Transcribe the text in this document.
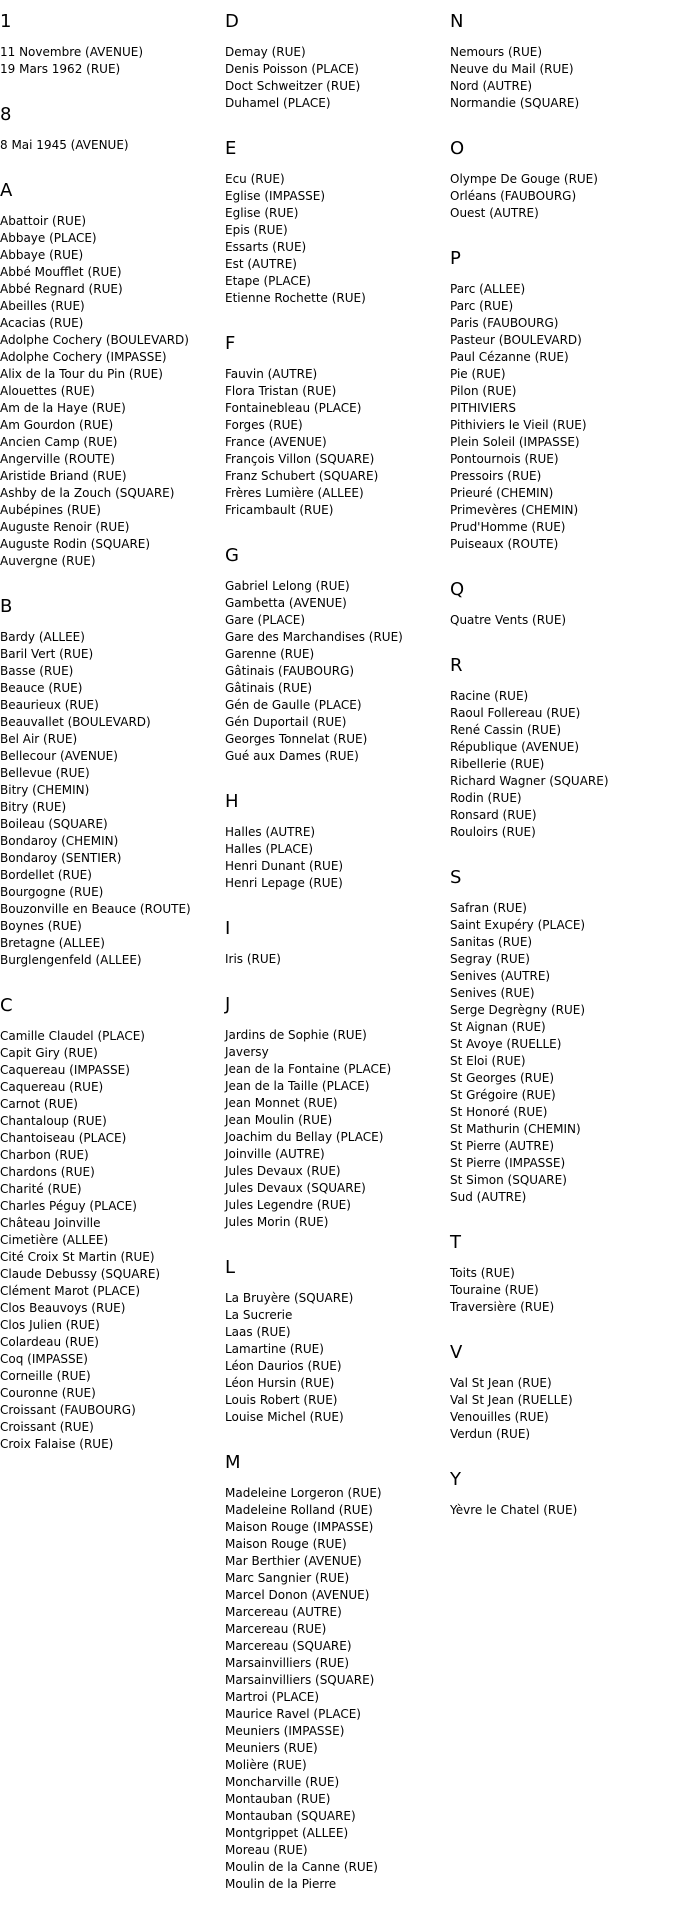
1
11 Novembre (AVENUE)
19 Mars 1962 (RUE)
8
8 Mai 1945 (AVENUE)
A
Abattoir (RUE)
Abbaye (PLACE)
Abbaye (RUE)
Abbé Moufflet (RUE)
Abbé Regnard (RUE)
Abeilles (RUE)
Acacias (RUE)
Adolphe Cochery (BOULEVARD)
Adolphe Cochery (IMPASSE)
Alix de la Tour du Pin (RUE)
Alouettes (RUE)
Am de la Haye (RUE)
Am Gourdon (RUE)
Ancien Camp (RUE)
Angerville (ROUTE)
Aristide Briand (RUE)
Ashby de la Zouch (SQUARE)
Aubépines (RUE)
Auguste Renoir (RUE)
Auguste Rodin (SQUARE)
Auvergne (RUE)
B
Bardy (ALLEE)
Baril Vert (RUE)
Basse (RUE)
Beauce (RUE)
Beaurieux (RUE)
Beauvallet (BOULEVARD)
Bel Air (RUE)
Bellecour (AVENUE)
Bellevue (RUE)
Bitry (CHEMIN)
Bitry (RUE)
Boileau (SQUARE)
Bondaroy (CHEMIN)
Bondaroy (SENTIER)
Bordellet (RUE)
Bourgogne (RUE)
Bouzonville en Beauce (ROUTE)
Boynes (RUE)
Bretagne (ALLEE)
Burglengenfeld (ALLEE)
C
Camille Claudel (PLACE)
Capit Giry (RUE)
Caquereau (IMPASSE)
Caquereau (RUE)
Carnot (RUE)
Chantaloup (RUE)
Chantoiseau (PLACE)
Charbon (RUE)
Chardons (RUE)
Charité (RUE)
Charles Péguy (PLACE)
Château Joinville
Cimetière (ALLEE)
Cité Croix St Martin (RUE)
Claude Debussy (SQUARE)
Clément Marot (PLACE)
Clos Beauvoys (RUE)
Clos Julien (RUE)
Colardeau (RUE)
Coq (IMPASSE)
Corneille (RUE)
Couronne (RUE)
Croissant (FAUBOURG)
Croissant (RUE)
Croix Falaise (RUE)
D
Demay (RUE)
Denis Poisson (PLACE)
Doct Schweitzer (RUE)
Duhamel (PLACE)
E
Ecu (RUE)
Eglise (IMPASSE)
Eglise (RUE)
Epis (RUE)
Essarts (RUE)
Est (AUTRE)
Etape (PLACE)
Etienne Rochette (RUE)
F
Fauvin (AUTRE)
Flora Tristan (RUE)
Fontainebleau (PLACE)
Forges (RUE)
France (AVENUE)
François Villon (SQUARE)
Franz Schubert (SQUARE)
Frères Lumière (ALLEE)
Fricambault (RUE)
G
Gabriel Lelong (RUE)
Gambetta (AVENUE)
Gare (PLACE)
Gare des Marchandises (RUE)
Garenne (RUE)
Gâtinais (FAUBOURG)
Gâtinais (RUE)
Gén de Gaulle (PLACE)
Gén Duportail (RUE)
Georges Tonnelat (RUE)
Gué aux Dames (RUE)
H
Halles (AUTRE)
Halles (PLACE)
Henri Dunant (RUE)
Henri Lepage (RUE)
I
Iris (RUE)
J
Jardins de Sophie (RUE)
Javersy
Jean de la Fontaine (PLACE)
Jean de la Taille (PLACE)
Jean Monnet (RUE)
Jean Moulin (RUE)
Joachim du Bellay (PLACE)
Joinville (AUTRE)
Jules Devaux (RUE)
Jules Devaux (SQUARE)
Jules Legendre (RUE)
Jules Morin (RUE)
L
La Bruyère (SQUARE)
La Sucrerie
Laas (RUE)
Lamartine (RUE)
Léon Daurios (RUE)
Léon Hursin (RUE)
Louis Robert (RUE)
Louise Michel (RUE)
M
Madeleine Lorgeron (RUE)
Madeleine Rolland (RUE)
Maison Rouge (IMPASSE)
Maison Rouge (RUE)
Mar Berthier (AVENUE)
Marc Sangnier (RUE)
Marcel Donon (AVENUE)
Marcereau (AUTRE)
Marcereau (RUE)
Marcereau (SQUARE)
Marsainvilliers (RUE)
Marsainvilliers (SQUARE)
Martroi (PLACE)
Maurice Ravel (PLACE)
Meuniers (IMPASSE)
Meuniers (RUE)
Molière (RUE)
Moncharville (RUE)
Montauban (RUE)
Montauban (SQUARE)
Montgrippet (ALLEE)
Moreau (RUE)
Moulin de la Canne (RUE)
Moulin de la Pierre
N
Nemours (RUE)
Neuve du Mail (RUE)
Nord (AUTRE)
Normandie (SQUARE)
O
Olympe De Gouge (RUE)
Orléans (FAUBOURG)
Ouest (AUTRE)
P
Parc (ALLEE)
Parc (RUE)
Paris (FAUBOURG)
Pasteur (BOULEVARD)
Paul Cézanne (RUE)
Pie (RUE)
Pilon (RUE)
PITHIVIERS
Pithiviers le Vieil (RUE)
Plein Soleil (IMPASSE)
Pontournois (RUE)
Pressoirs (RUE)
Prieuré (CHEMIN)
Primevères (CHEMIN)
Prud'Homme (RUE)
Puiseaux (ROUTE)
Q
Quatre Vents (RUE)
R
Racine (RUE)
Raoul Follereau (RUE)
René Cassin (RUE)
République (AVENUE)
Ribellerie (RUE)
Richard Wagner (SQUARE)
Rodin (RUE)
Ronsard (RUE)
Rouloirs (RUE)
S
Safran (RUE)
Saint Exupéry (PLACE)
Sanitas (RUE)
Segray (RUE)
Senives (AUTRE)
Senives (RUE)
Serge Degrègny (RUE)
St Aignan (RUE)
St Avoye (RUELLE)
St Eloi (RUE)
St Georges (RUE)
St Grégoire (RUE)
St Honoré (RUE)
St Mathurin (CHEMIN)
St Pierre (AUTRE)
St Pierre (IMPASSE)
St Simon (SQUARE)
Sud (AUTRE)
T
Toits (RUE)
Touraine (RUE)
Traversière (RUE)
V
Val St Jean (RUE)
Val St Jean (RUELLE)
Venouilles (RUE)
Verdun (RUE)
Y
Yèvre le Chatel (RUE)
